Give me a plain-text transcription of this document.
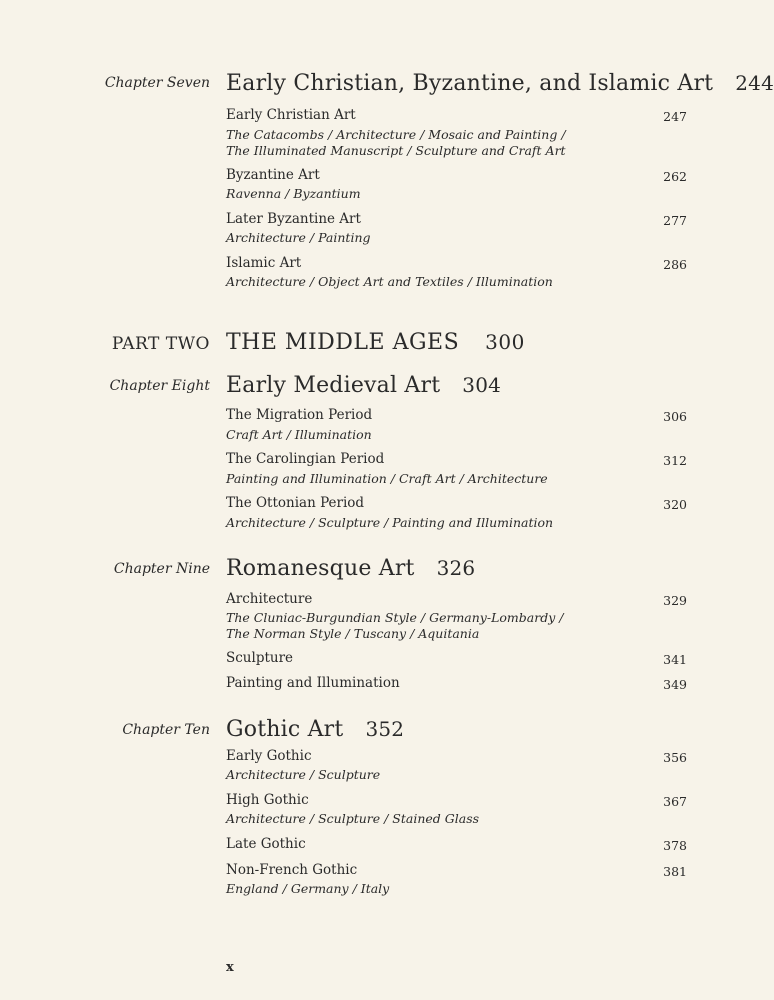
Chapter Seven Early Christian, Byzantine, and Islamic Art 244
Early Christian Art	247
The Catacombs / Architecture / Mosaic and Painting /
The Illuminated Manuscript / Sculpture and Craft Art
Byzantine Art	262
Ravenna / Byzantium
Later Byzantine Art	277
Architecture / Painting
Islamic Art	286
Architecture / Object Art and Textiles / Illumination
PART TWO THE MIDDLE AGES 300
Chapter Eight Early Medieval Art 304
The Migration Period	306
Craft Art / Illumination
The Carolingian Period	312
Painting and Illumination / Craft Art / Architecture
The Ottonian Period	320
Architecture / Sculpture / Painting and Illumination
Chapter Nine Romanesque Art 326
Architecture	329
The Cluniac-Burgundian Style / Germany-Lombardy /
The Norman Style / Tuscany / Aquitania
Sculpture	341
Painting and Illumination	349
Chapter Ten Gothic Art 352
Early Gothic	356
Architecture / Sculpture
High Gothic	367
Architecture / Sculpture / Stained Glass
Late Gothic	378
Non-French Gothic	381
England / Germany / Italy
x
